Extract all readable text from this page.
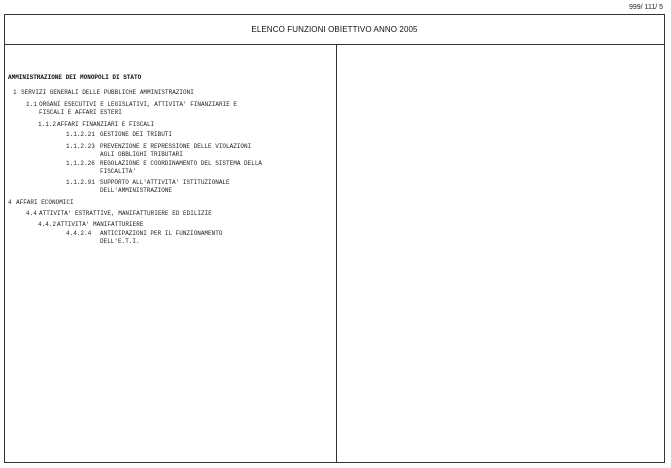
999/ 111/ 5
ELENCO FUNZIONI OBIETTIVO ANNO 2005
AMMINISTRAZIONE DEI MONOPOLI DI STATO
1 SERVIZI GENERALI DELLE PUBBLICHE AMMINISTRAZIONI
1.1 ORGANI ESECUTIVI E LEGISLATIVI, ATTIVITA' FINANZIARIE E
FISCALI E AFFARI ESTERI
1.1.2 AFFARI FINANZIARI E FISCALI
1.1.2.21 GESTIONE DEI TRIBUTI
1.1.2.23 PREVENZIONE E REPRESSIONE DELLE VIOLAZIONI
AGLI OBBLIGHI TRIBUTARI
1.1.2.26 REGOLAZIONE E COORDINAMENTO DEL SISTEMA DELLA
FISCALITA'
1.1.2.91 SUPPORTO ALL'ATTIVITA' ISTITUZIONALE
DELL'AMMINISTRAZIONE
4 AFFARI ECONOMICI
4.4 ATTIVITA' ESTRATTIVE, MANIFATTURIERE ED EDILIZIE
4.4.2 ATTIVITA' MANIFATTURIERE
4.4.2.4 ANTICIPAZIONI PER IL FUNZIONAMENTO
DELL'E.T.I.
